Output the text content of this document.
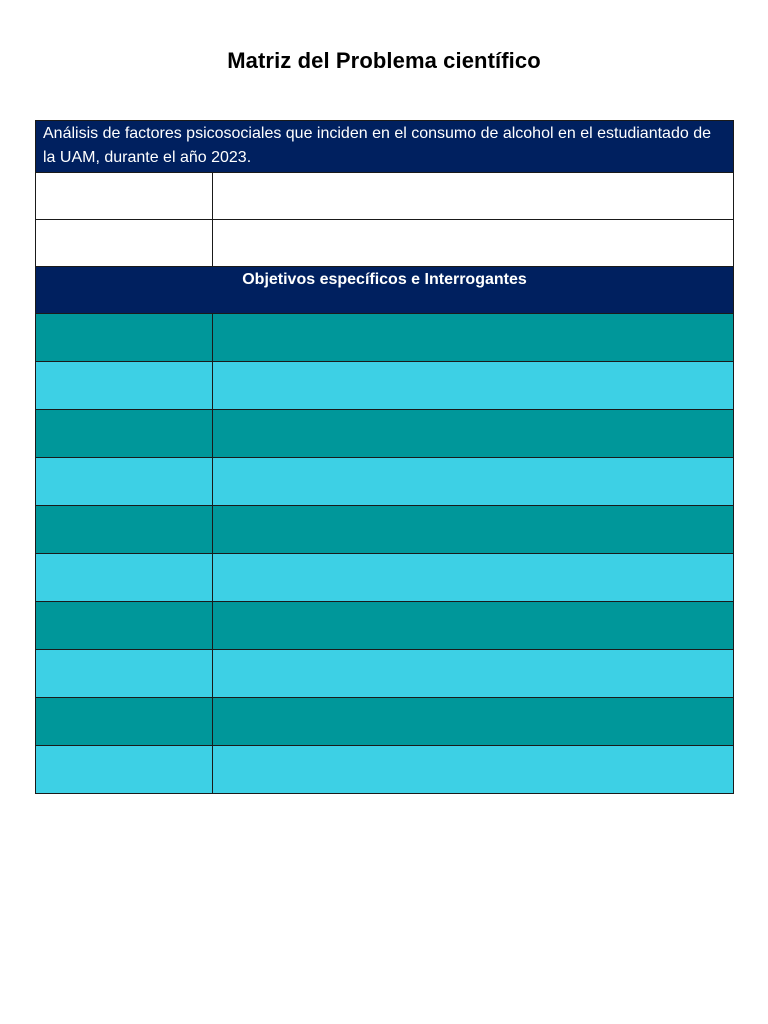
Matriz del Problema científico
Análisis de factores psicosociales que inciden en el consumo de alcohol en el estudiantado de la UAM, durante el año 2023.	

Objetivos específicos e Interrogantes	
